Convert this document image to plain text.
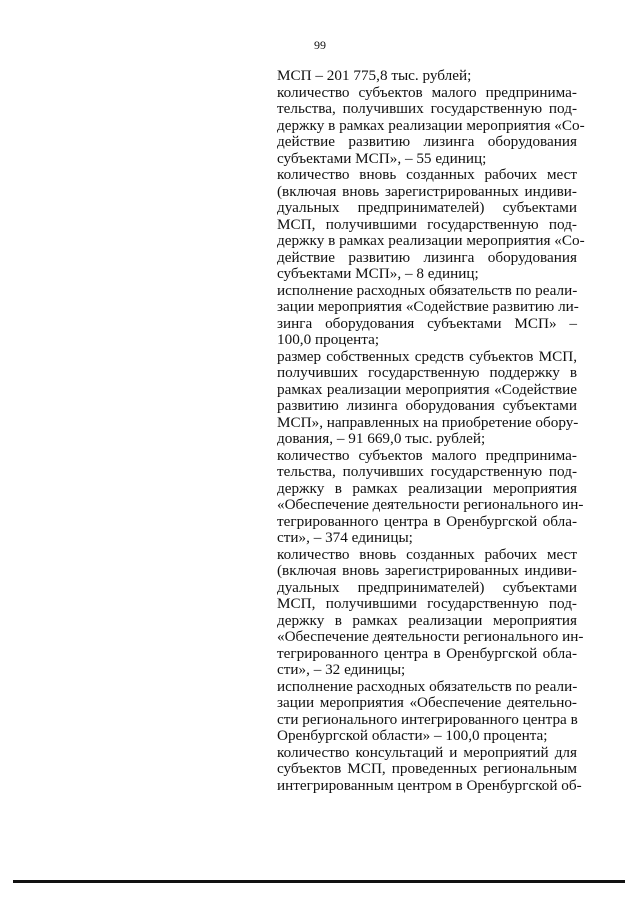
99
МСП – 201 775,8 тыс. рублей;
количество субъектов малого предпринима-
тельства, получивших государственную под-
держку в рамках реализации мероприятия «Со-
действие развитию лизинга оборудования
субъектами МСП», – 55 единиц;
количество вновь созданных рабочих мест
(включая вновь зарегистрированных индиви-
дуальных предпринимателей) субъектами
МСП, получившими государственную под-
держку в рамках реализации мероприятия «Со-
действие развитию лизинга оборудования
субъектами МСП», – 8 единиц;
исполнение расходных обязательств по реали-
зации мероприятия «Содействие развитию ли-
зинга оборудования субъектами МСП» –
100,0 процента;
размер собственных средств субъектов МСП,
получивших государственную поддержку в
рамках реализации мероприятия «Содействие
развитию лизинга оборудования субъектами
МСП», направленных на приобретение обору-
дования, – 91 669,0 тыс. рублей;
количество субъектов малого предпринима-
тельства, получивших государственную под-
держку в рамках реализации мероприятия
«Обеспечение деятельности регионального ин-
тегрированного центра в Оренбургской обла-
сти», – 374 единицы;
количество вновь созданных рабочих мест
(включая вновь зарегистрированных индиви-
дуальных предпринимателей) субъектами
МСП, получившими государственную под-
держку в рамках реализации мероприятия
«Обеспечение деятельности регионального ин-
тегрированного центра в Оренбургской обла-
сти», – 32 единицы;
исполнение расходных обязательств по реали-
зации мероприятия «Обеспечение деятельно-
сти регионального интегрированного центра в
Оренбургской области» – 100,0 процента;
количество консультаций и мероприятий для
субъектов МСП, проведенных региональным
интегрированным центром в Оренбургской об-
